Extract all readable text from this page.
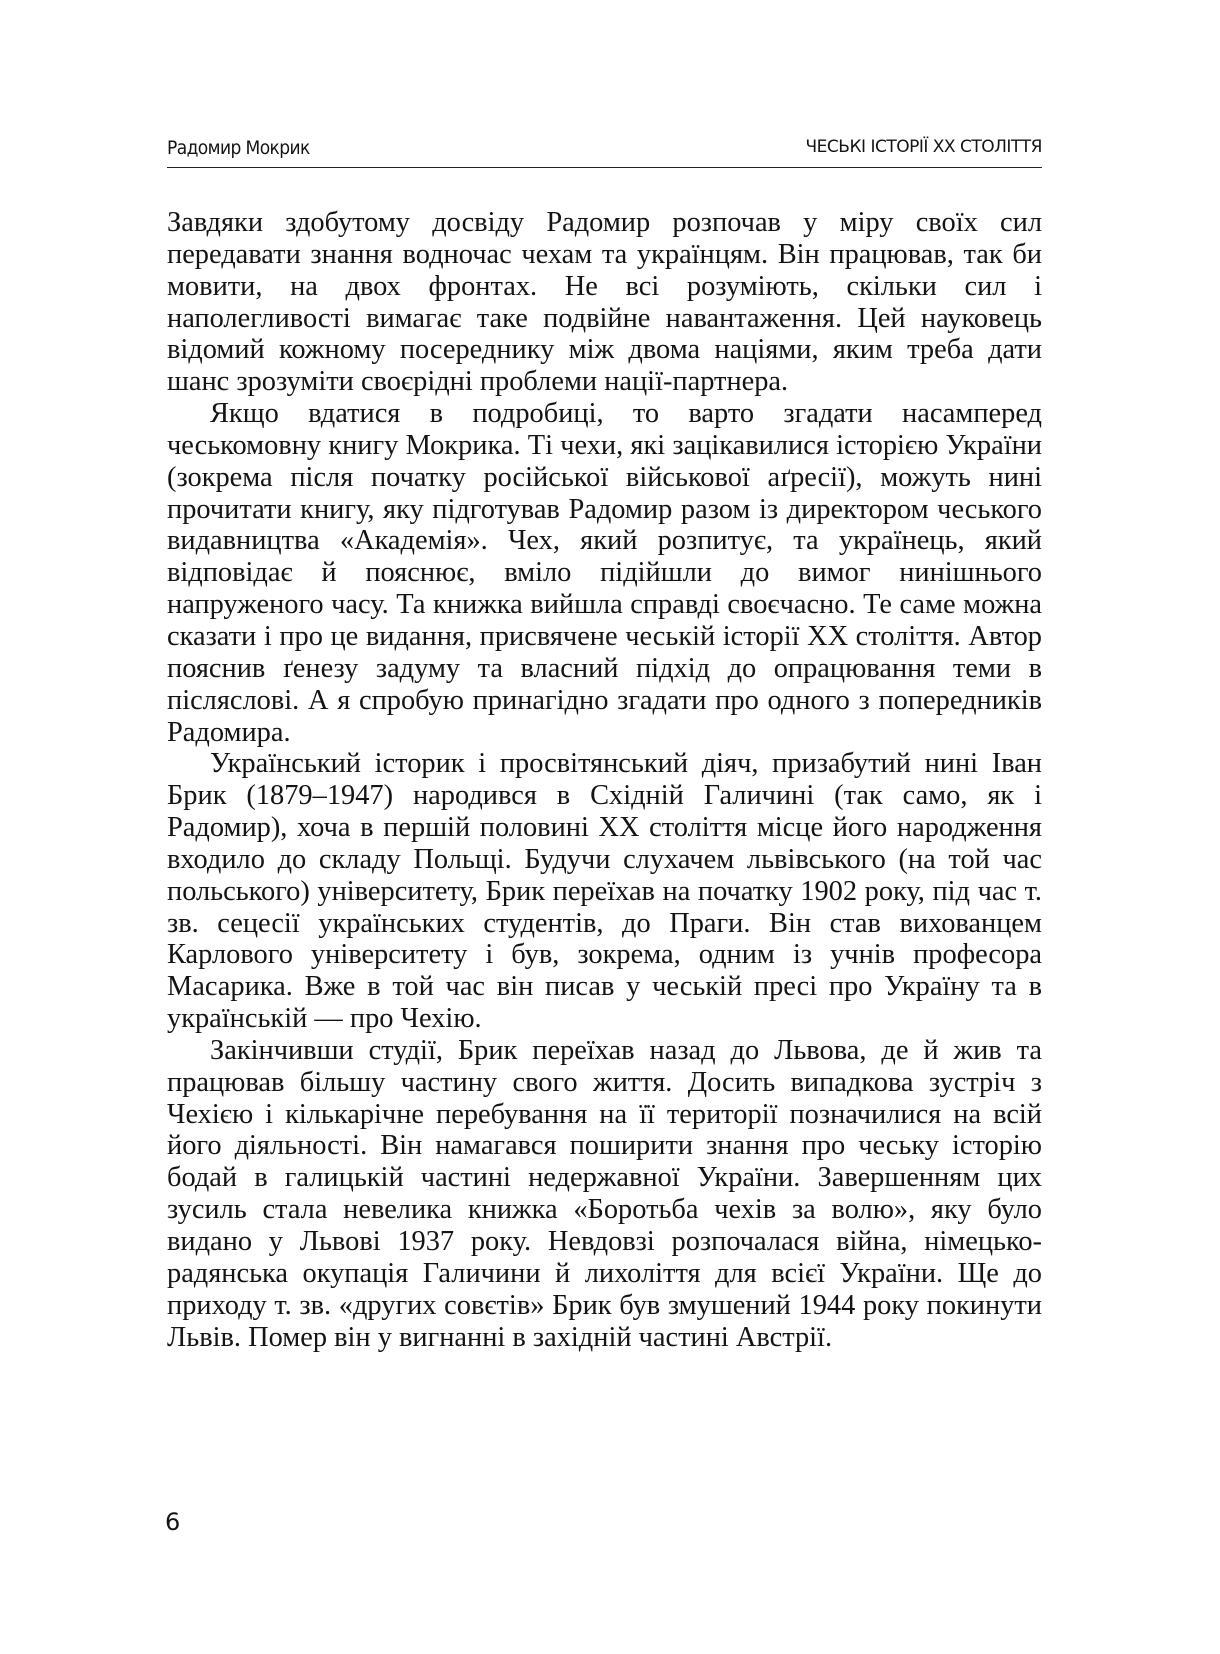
Радомир Мокрик	ЧЕСЬКІ ІСТОРІЇ ХХ СТОЛІТТЯ

Завдяки здобутому досвіду Радомир розпочав у міру своїх сил передавати знання водночас чехам та українцям. Він працював, так би мовити, на двох фронтах. Не всі розуміють, скільки сил і наполегливості вимагає таке подвійне навантаження. Цей науковець відомий кожному посереднику між двома націями, яким треба дати шанс зрозуміти своєрідні проблеми нації-партнера.

Якщо вдатися в подробиці, то варто згадати насамперед чеськомовну книгу Мокрика. Ті чехи, які зацікавилися історією України (зокрема після початку російської військової аґресії), можуть нині прочитати книгу, яку підготував Радомир разом із директором чеського видавництва «Академія». Чех, який розпитує, та українець, який відповідає й пояснює, вміло підійшли до вимог нинішнього напруженого часу. Та книжка вийшла справді своєчасно. Те саме можна сказати і про це видання, присвячене чеській історії ХХ століття. Автор пояснив ґенезу задуму та власний підхід до опрацювання теми в післяслові. А я спробую принагідно згадати про одного з попередників Радомира.

Український історик і просвітянський діяч, призабутий нині Іван Брик (1879–1947) народився в Східній Галичині (так само, як і Радомир), хоча в першій половині ХХ століття місце його народження входило до складу Польщі. Будучи слухачем львівського (на той час польського) університету, Брик переїхав на початку 1902 року, під час т. зв. сецесії українських студентів, до Праги. Він став вихованцем Карлового університету і був, зокрема, одним із учнів професора Масарика. Вже в той час він писав у чеській пресі про Україну та в українській — про Чехію.

Закінчивши студії, Брик переїхав назад до Львова, де й жив та працював більшу частину свого життя. Досить випадкова зустріч з Чехією і кількарічне перебування на її території позначилися на всій його діяльності. Він намагався поширити знання про чеську історію бодай в галицькій частині недержавної України. Завершенням цих зусиль стала невелика книжка «Боротьба чехів за волю», яку було видано у Львові 1937 року. Невдовзі розпочалася війна, німецько-радянська окупація Галичини й лихоліття для всієї України. Ще до приходу т. зв. «других совєтів» Брик був змушений 1944 року покинути Львів. Помер він у вигнанні в західній частині Австрії.

6
